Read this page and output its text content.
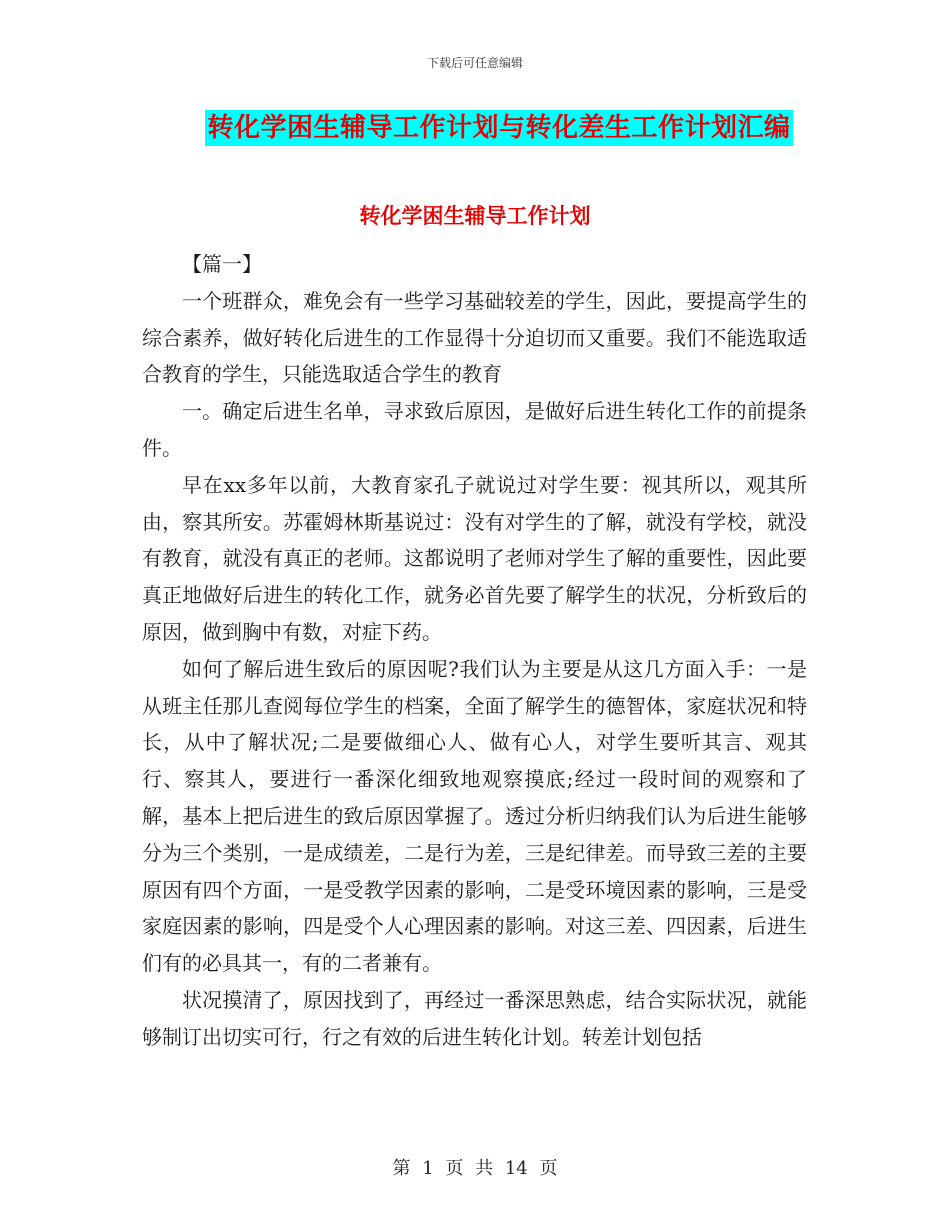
下载后可任意编辑
转化学困生辅导工作计划与转化差生工作计划汇编
转化学困生辅导工作计划

【篇一】

一个班群众，难免会有一些学习基础较差的学生，因此，要提高学生的综合素养，做好转化后进生的工作显得十分迫切而又重要。我们不能选取适合教育的学生，只能选取适合学生的教育

一。确定后进生名单，寻求致后原因，是做好后进生转化工作的前提条件。

早在xx多年以前，大教育家孔子就说过对学生要：视其所以，观其所由，察其所安。苏霍姆林斯基说过：没有对学生的了解，就没有学校，就没有教育，就没有真正的老师。这都说明了老师对学生了解的重要性，因此要真正地做好后进生的转化工作，就务必首先要了解学生的状况，分析致后的原因，做到胸中有数，对症下药。

如何了解后进生致后的原因呢?我们认为主要是从这几方面入手：一是从班主任那儿查阅每位学生的档案，全面了解学生的德智体，家庭状况和特长，从中了解状况;二是要做细心人、做有心人，对学生要听其言、观其行、察其人，要进行一番深化细致地观察摸底;经过一段时间的观察和了解，基本上把后进生的致后原因掌握了。透过分析归纳我们认为后进生能够分为三个类别，一是成绩差，二是行为差，三是纪律差。而导致三差的主要原因有四个方面，一是受教学因素的影响，二是受环境因素的影响，三是受家庭因素的影响，四是受个人心理因素的影响。对这三差、四因素，后进生们有的必具其一，有的二者兼有。

状况摸清了，原因找到了，再经过一番深思熟虑，结合实际状况，就能够制订出切实可行，行之有效的后进生转化计划。转差计划包括

第 1 页 共 14 页
